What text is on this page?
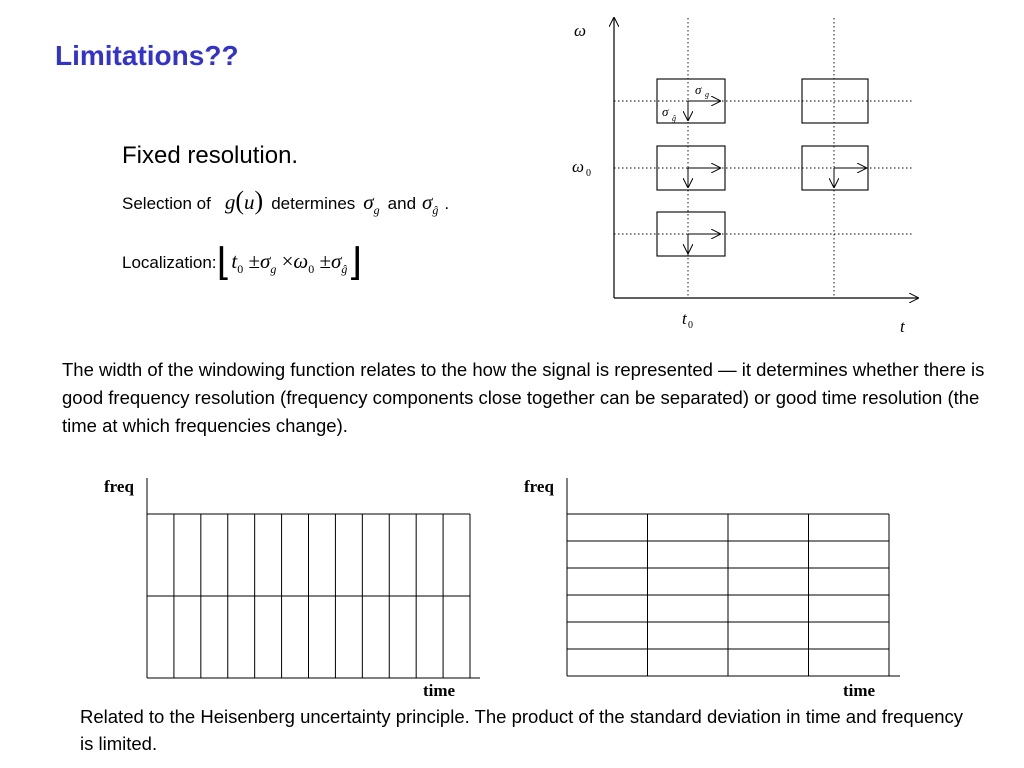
Limitations??
Fixed resolution.
Selection of g(u) determines $\sigma_g$ and $\sigma_ĝ$ .
Localization: ⌊ $t_0 \pm\sigma_g \times\omega_0 \pm\sigma_ĝ$ ⌋
ω
ω 0
t 0	t
σ g
σ ĝ
The width of the windowing function relates to the how the signal is represented — it determines whether there is good frequency resolution (frequency components close together can be separated) or good time resolution (the time at which frequencies change).
freq
time
freq
time
Related to the Heisenberg uncertainty principle. The product of the standard deviation in time and frequency is limited.
